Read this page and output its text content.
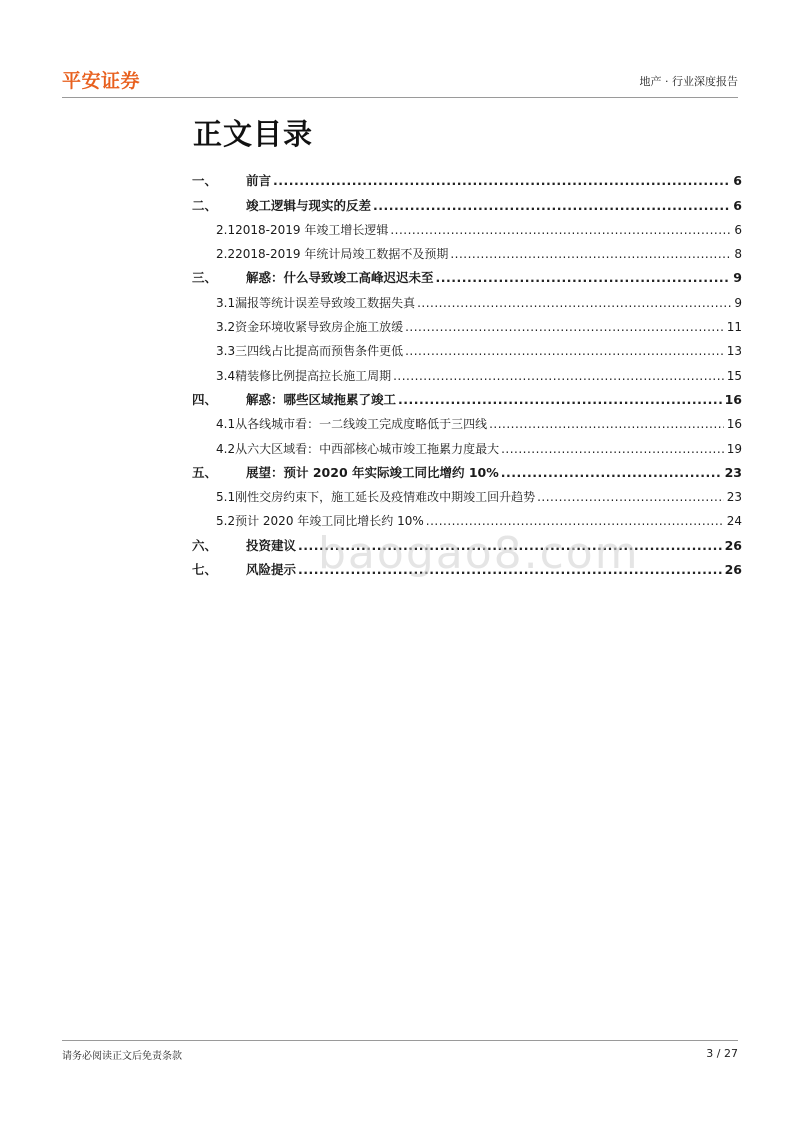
平安证券	地产 · 行业深度报告
正文目录
一、	前言 .....	6
二、	竣工逻辑与现实的反差 .....	6
2.1 2018-2019 年竣工增长逻辑 .....	6
2.2 2018-2019 年统计局竣工数据不及预期 .....	8
三、	解惑：什么导致竣工高峰迟迟未至 .....	9
3.1 漏报等统计误差导致竣工数据失真 .....	9
3.2 资金环境收紧导致房企施工放缓 .....	11
3.3 三四线占比提高而预售条件更低 .....	13
3.4 精装修比例提高拉长施工周期 .....	15
四、	解惑：哪些区域拖累了竣工 .....	16
4.1 从各线城市看：一二线竣工完成度略低于三四线 .....	16
4.2 从六大区域看：中西部核心城市竣工拖累力度最大 .....	19
五、	展望：预计 2020 年实际竣工同比增约 10% .....	23
5.1 刚性交房约束下，施工延长及疫情难改中期竣工回升趋势 .....	23
5.2 预计 2020 年竣工同比增长约 10% .....	24
六、	投资建议 .....	26
七、	风险提示 .....	26
baogao8.com
请务必阅读正文后免责条款	3 / 27
